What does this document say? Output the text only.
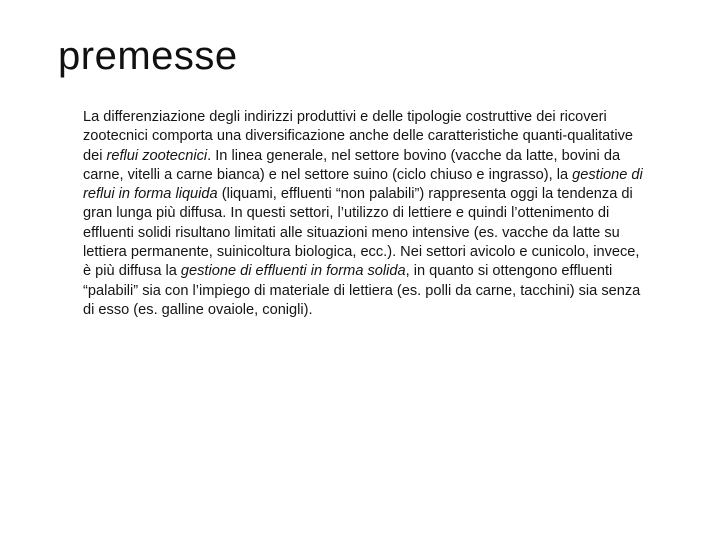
premesse

La differenziazione degli indirizzi produttivi e delle tipologie costruttive dei ricoveri zootecnici comporta una diversificazione anche delle caratteristiche quanti-qualitative dei reflui zootecnici. In linea generale, nel settore bovino (vacche da latte, bovini da carne, vitelli a carne bianca) e nel settore suino (ciclo chiuso e ingrasso), la gestione di reflui in forma liquida (liquami, effluenti “non palabili”) rappresenta oggi la tendenza di gran lunga più diffusa. In questi settori, l’utilizzo di lettiere e quindi l’ottenimento di effluenti solidi risultano limitati alle situazioni meno intensive (es. vacche da latte su lettiera permanente, suinicoltura biologica, ecc.). Nei settori avicolo e cunicolo, invece, è più diffusa la gestione di effluenti in forma solida, in quanto si ottengono effluenti “palabili” sia con l’impiego di materiale di lettiera (es. polli da carne, tacchini) sia senza di esso (es. galline ovaiole, conigli).
